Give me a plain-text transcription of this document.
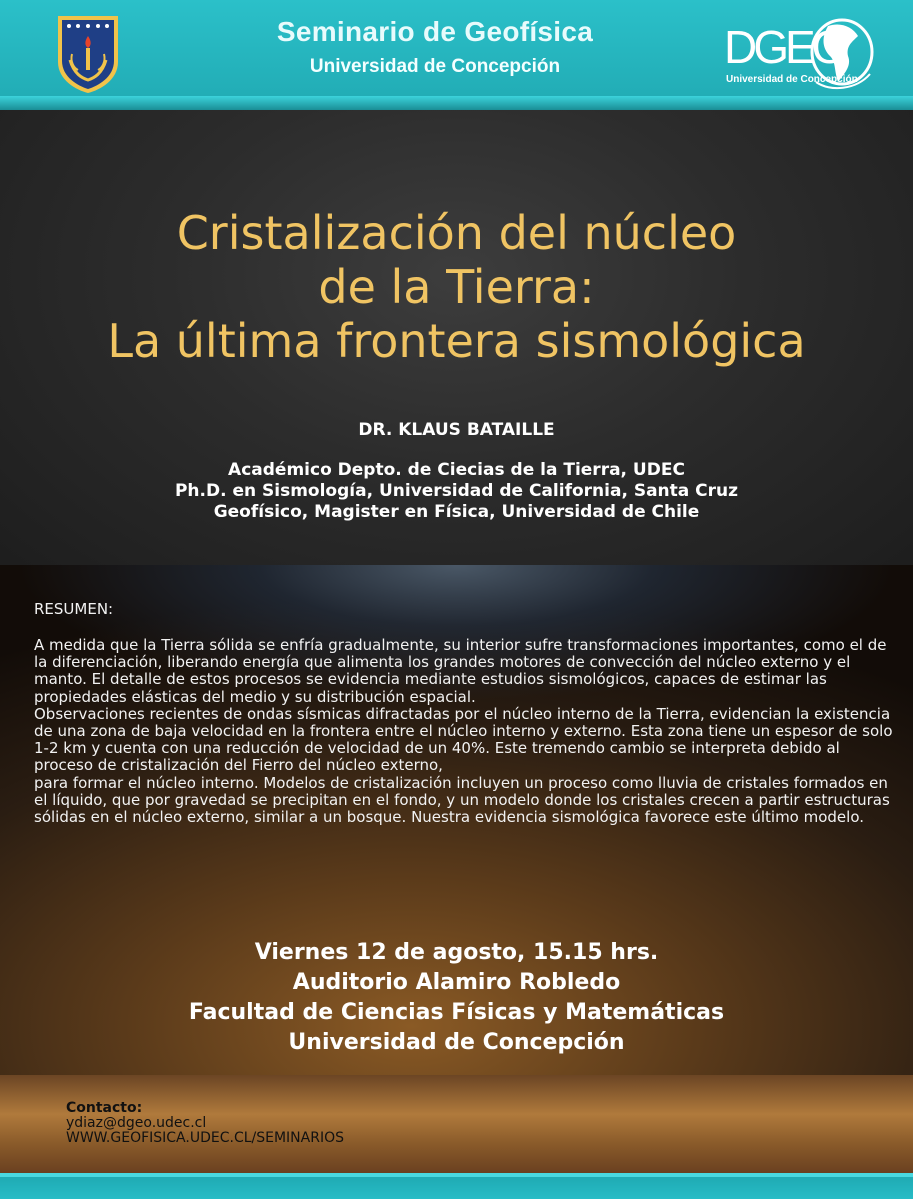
Seminario de Geofísica
Universidad de Concepción	DGEO
Universidad de Concepción
Cristalización del núcleo
de la Tierra:
La última frontera sismológica
DR. KLAUS BATAILLE
Académico Depto. de Ciecias de la Tierra, UDEC
Ph.D. en Sismología, Universidad de California, Santa Cruz
Geofísico, Magister en Física, Universidad de Chile
RESUMEN:

A medida que la Tierra sólida se enfría gradualmente, su interior sufre transformaciones importantes, como el de la diferenciación, liberando energía que alimenta los grandes motores de convección del núcleo externo y el manto. El detalle de estos procesos se evidencia mediante estudios sismológicos, capaces de estimar las propiedades elásticas del medio y su distribución espacial.

Observaciones recientes de ondas sísmicas difractadas por el núcleo interno de la Tierra, evidencian la existencia de una zona de baja velocidad en la frontera entre el núcleo interno y externo. Esta zona tiene un espesor de solo 1-2 km y cuenta con una reducción de velocidad de un 40%. Este tremendo cambio se interpreta debido al proceso de cristalización del Fierro del núcleo externo,

para formar el núcleo interno. Modelos de cristalización incluyen un proceso como lluvia de cristales formados en el líquido, que por gravedad se precipitan en el fondo, y un modelo donde los cristales crecen a partir estructuras sólidas en el núcleo externo, similar a un bosque. Nuestra evidencia sismológica favorece este último modelo.

Viernes 12 de agosto, 15.15 hrs.
Auditorio Alamiro Robledo
Facultad de Ciencias Físicas y Matemáticas
Universidad de Concepción
Contacto:
ydiaz@dgeo.udec.cl
WWW.GEOFISICA.UDEC.CL/SEMINARIOS
